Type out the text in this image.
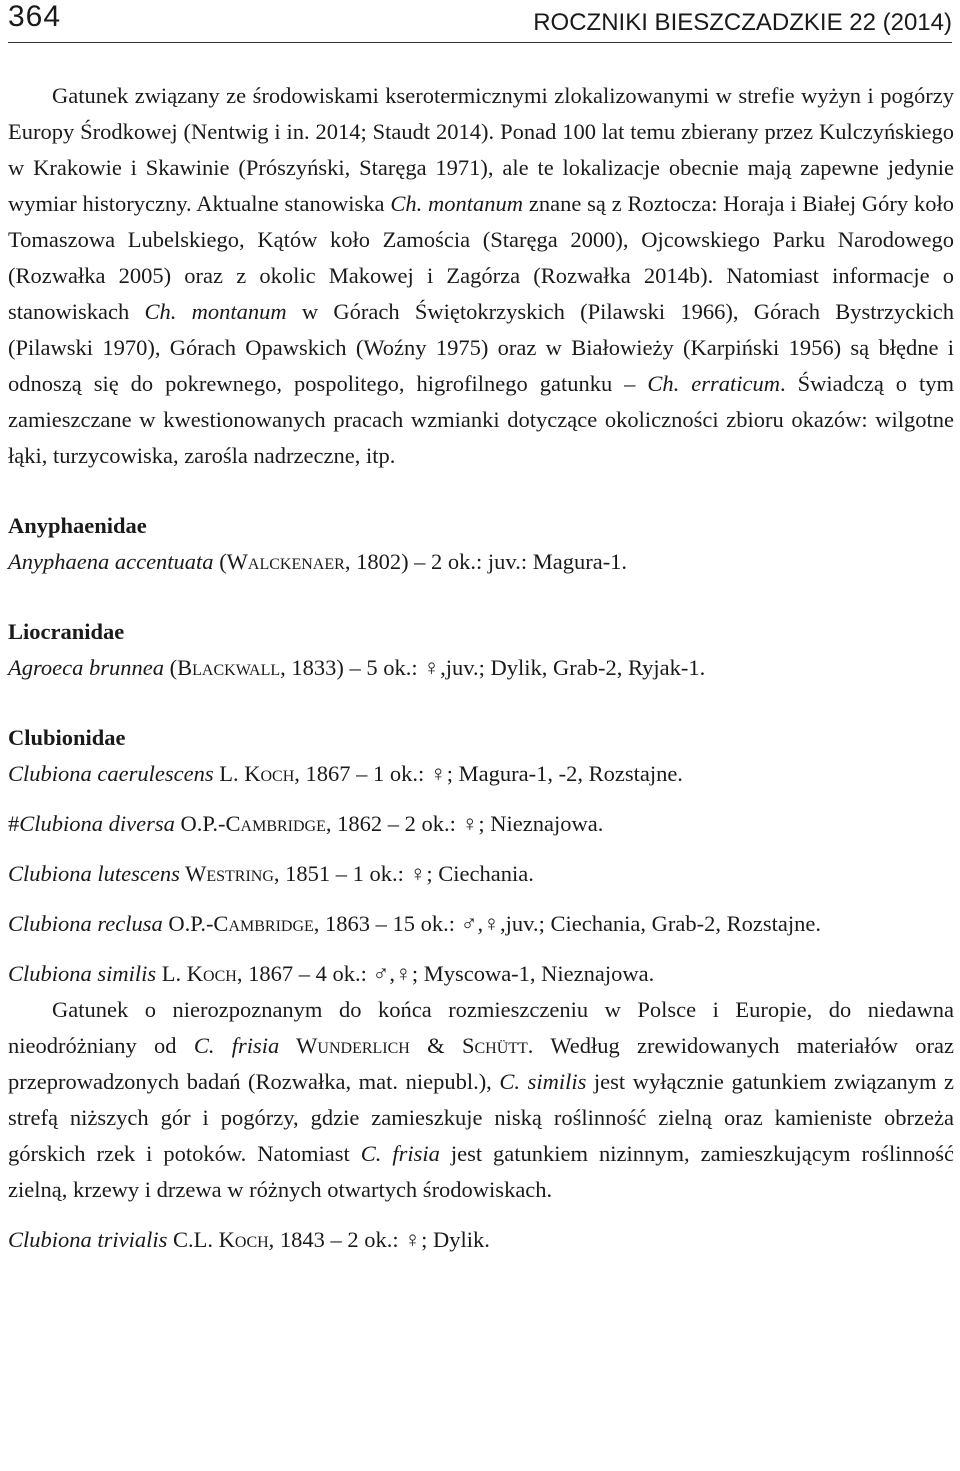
364	ROCZNIKI BIESZCZADZKIE 22 (2014)

Gatunek związany ze środowiskami kserotermicznymi zlokalizowanymi w strefie wyżyn i pogórzy Europy Środkowej (Nentwig i in. 2014; Staudt 2014). Ponad 100 lat temu zbierany przez Kulczyńskiego w Krakowie i Skawinie (Prószyński, Staręga 1971), ale te lokalizacje obecnie mają zapewne jedynie wymiar historyczny. Aktualne stanowiska Ch. montanum znane są z Roztocza: Horaja i Białej Góry koło Tomaszowa Lubelskiego, Kątów koło Zamościa (Staręga 2000), Ojcowskiego Parku Narodowego (Rozwałka 2005) oraz z okolic Makowej i Zagórza (Rozwałka 2014b). Natomiast informacje o stanowiskach Ch. montanum w Górach Świętokrzyskich (Pilawski 1966), Górach Bystrzyckich (Pilawski 1970), Górach Opawskich (Woźny 1975) oraz w Białowieży (Karpiński 1956) są błędne i odnoszą się do pokrewnego, pospolitego, higrofilnego gatunku – Ch. erraticum. Świadczą o tym zamieszczane w kwestionowanych pracach wzmianki dotyczące okoliczności zbioru okazów: wilgotne łąki, turzycowiska, zarośla nadrzeczne, itp.

Anyphaenidae

Anyphaena accentuata (Walckenaer, 1802) – 2 ok.: juv.: Magura-1.

Liocranidae

Agroeca brunnea (Blackwall, 1833) – 5 ok.: ♀,juv.; Dylik, Grab-2, Ryjak-1.

Clubionidae

Clubiona caerulescens L. Koch, 1867 – 1 ok.: ♀; Magura-1, -2, Rozstajne.

#Clubiona diversa O.P.-Cambridge, 1862 – 2 ok.: ♀; Nieznajowa.

Clubiona lutescens Westring, 1851 – 1 ok.: ♀; Ciechania.

Clubiona reclusa O.P.-Cambridge, 1863 – 15 ok.: ♂,♀,juv.; Ciechania, Grab-2, Rozstajne.

Clubiona similis L. Koch, 1867 – 4 ok.: ♂,♀; Myscowa-1, Nieznajowa.

Gatunek o nierozpoznanym do końca rozmieszczeniu w Polsce i Europie, do niedawna nieodróżniany od C. frisia Wunderlich & Schütt. Według zrewidowanych materiałów oraz przeprowadzonych badań (Rozwałka, mat. niepubl.), C. similis jest wyłącznie gatunkiem związanym z strefą niższych gór i pogórzy, gdzie zamieszkuje niską roślinność zielną oraz kamieniste obrzeża górskich rzek i potoków. Natomiast C. frisia jest gatunkiem nizinnym, zamieszkującym roślinność zielną, krzewy i drzewa w różnych otwartych środowiskach.

Clubiona trivialis C.L. Koch, 1843 – 2 ok.: ♀; Dylik.
